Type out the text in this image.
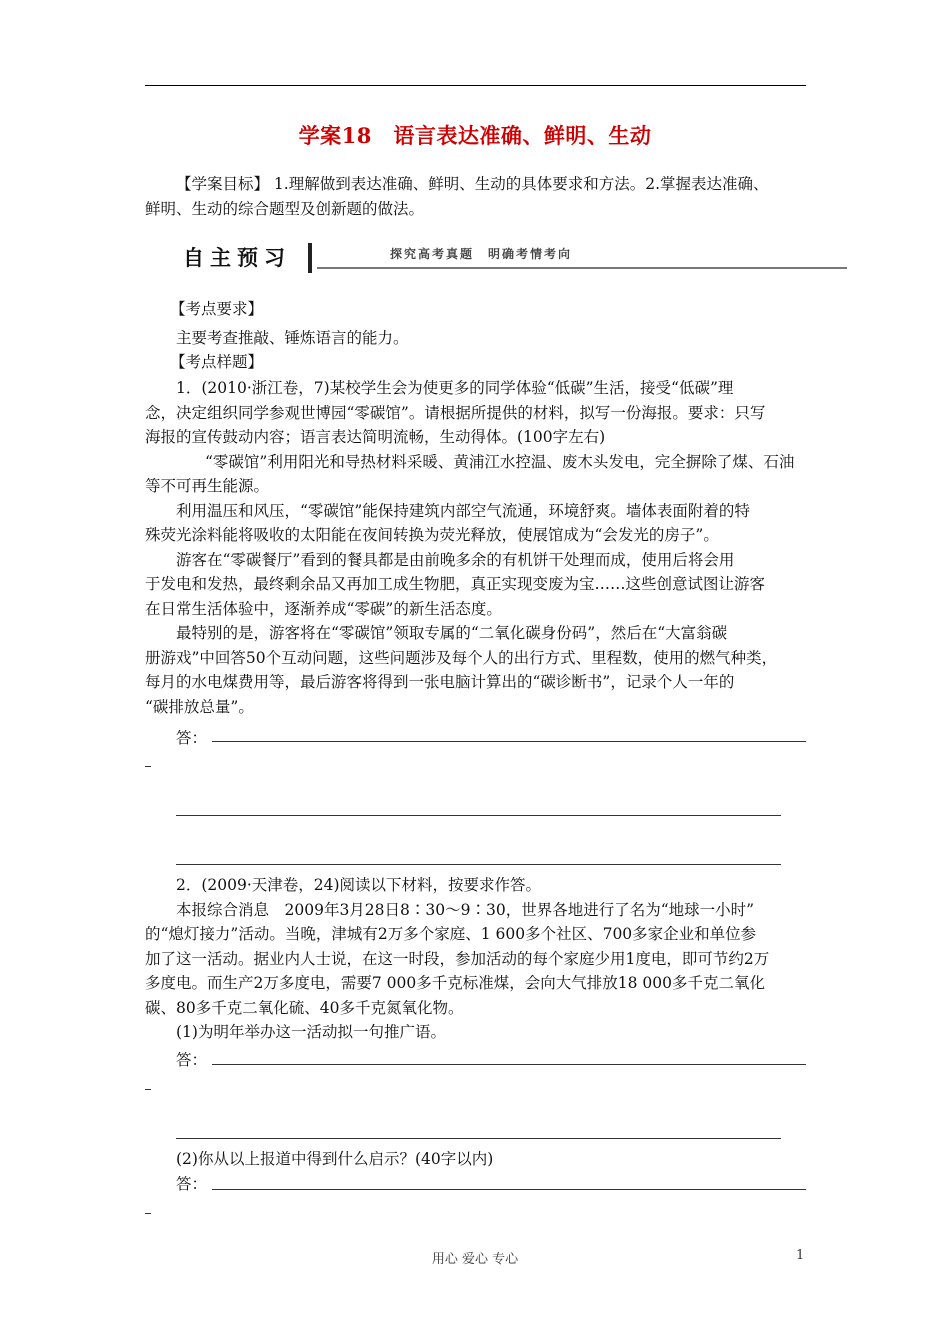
学案18　语言表达准确、鲜明、生动

【学案目标】 1.理解做到表达准确、鲜明、生动的具体要求和方法。2.掌握表达准确、

鲜明、生动的综合题型及创新题的做法。

自主预习	探究高考真题　明确考情考向

【考点要求】

主要考查推敲、锤炼语言的能力。

【考点样题】

1．(2010·浙江卷，7)某校学生会为使更多的同学体验“低碳”生活，接受“低碳”理

念，决定组织同学参观世博园“零碳馆”。请根据所提供的材料，拟写一份海报。要求：只写

海报的宣传鼓动内容；语言表达简明流畅，生动得体。(100字左右)

“零碳馆”利用阳光和导热材料采暖、黄浦江水控温、废木头发电，完全摒除了煤、石油

等不可再生能源。

利用温压和风压，“零碳馆”能保持建筑内部空气流通，环境舒爽。墙体表面附着的特

殊荧光涂料能将吸收的太阳能在夜间转换为荧光释放，使展馆成为“会发光的房子”。

游客在“零碳餐厅”看到的餐具都是由前晚多余的有机饼干处理而成，使用后将会用

于发电和发热，最终剩余品又再加工成生物肥，真正实现变废为宝……这些创意试图让游客

在日常生活体验中，逐渐养成“零碳”的新生活态度。

最特别的是，游客将在“零碳馆”领取专属的“二氧化碳身份码”，然后在“大富翁碳

册游戏”中回答50个互动问题，这些问题涉及每个人的出行方式、里程数，使用的燃气种类，

每月的水电煤费用等，最后游客将得到一张电脑计算出的“碳诊断书”，记录个人一年的

“碳排放总量”。

答：

2．(2009·天津卷，24)阅读以下材料，按要求作答。

本报综合消息　2009年3月28日8∶30～9∶30，世界各地进行了名为“地球一小时”

的“熄灯接力”活动。当晚，津城有2万多个家庭、1 600多个社区、700多家企业和单位参

加了这一活动。据业内人士说，在这一时段，参加活动的每个家庭少用1度电，即可节约2万

多度电。而生产2万多度电，需要7 000多千克标准煤，会向大气排放18 000多千克二氧化

碳、80多千克二氧化硫、40多千克氮氧化物。

(1)为明年举办这一活动拟一句推广语。

答：

(2)你从以上报道中得到什么启示？(40字以内)

答：
用心 爱心 专心	1
